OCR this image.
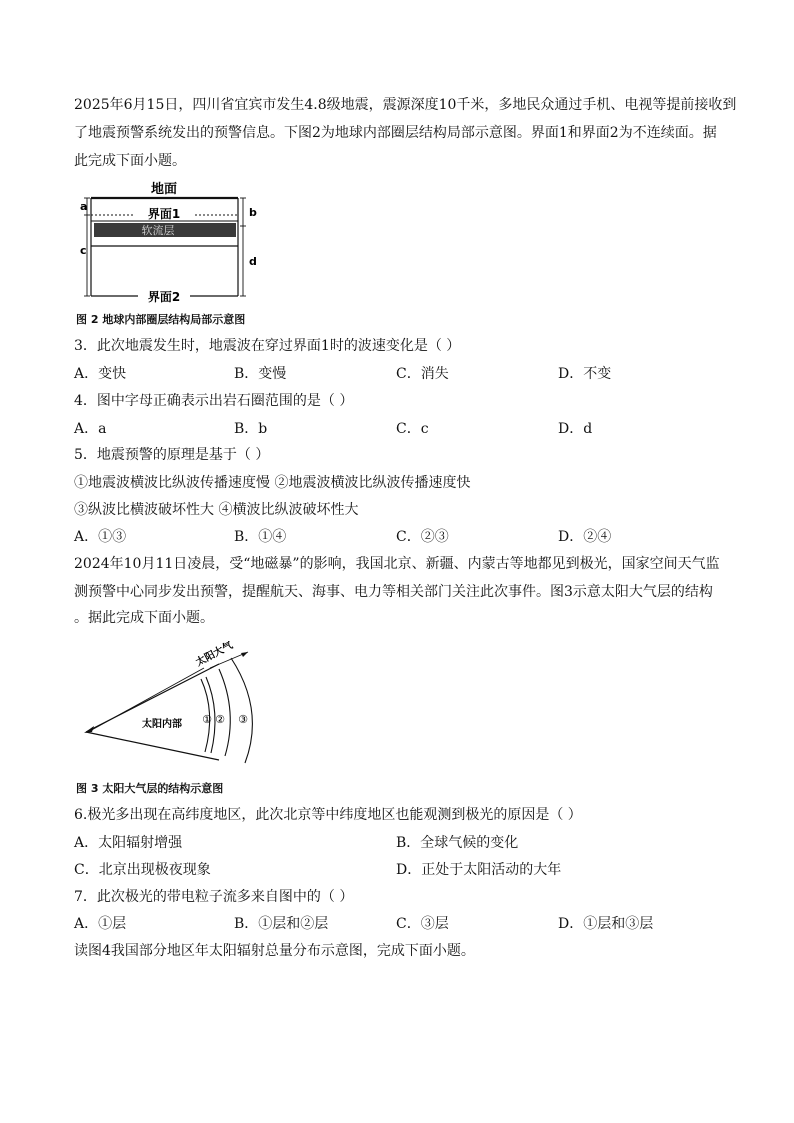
2025年6月15日，四川省宜宾市发生4.8级地震，震源深度10千米，多地民众通过手机、电视等提前接收到
了地震预警系统发出的预警信息。下图2为地球内部圈层结构局部示意图。界面1和界面2为不连续面。据
此完成下面小题。
地面
界面1
软流层
界面2
a
c
b
d
图 2 地球内部圈层结构局部示意图
3．此次地震发生时，地震波在穿过界面1时的波速变化是（ ）
A．变快	B．变慢	C．消失	D．不变
4．图中字母正确表示出岩石圈范围的是（ ）
A．a	B．b	C．c	D．d
5．地震预警的原理是基于（ ）
①地震波横波比纵波传播速度慢 ②地震波横波比纵波传播速度快
③纵波比横波破坏性大 ④横波比纵波破坏性大
A．①③	B．①④	C．②③	D．②④
2024年10月11日凌晨，受“地磁暴”的影响，我国北京、新疆、内蒙古等地都见到极光，国家空间天气监
测预警中心同步发出预警，提醒航天、海事、电力等相关部门关注此次事件。图3示意太阳大气层的结构
。据此完成下面小题。
太阳大气
太阳内部 ① ② ③
图 3 太阳大气层的结构示意图
6.极光多出现在高纬度地区，此次北京等中纬度地区也能观测到极光的原因是（ ）
A．太阳辐射增强	B．全球气候的变化
C．北京出现极夜现象	D．正处于太阳活动的大年
7．此次极光的带电粒子流多来自图中的（ ）
A．①层	B．①层和②层	C．③层	D．①层和③层
读图4我国部分地区年太阳辐射总量分布示意图，完成下面小题。
